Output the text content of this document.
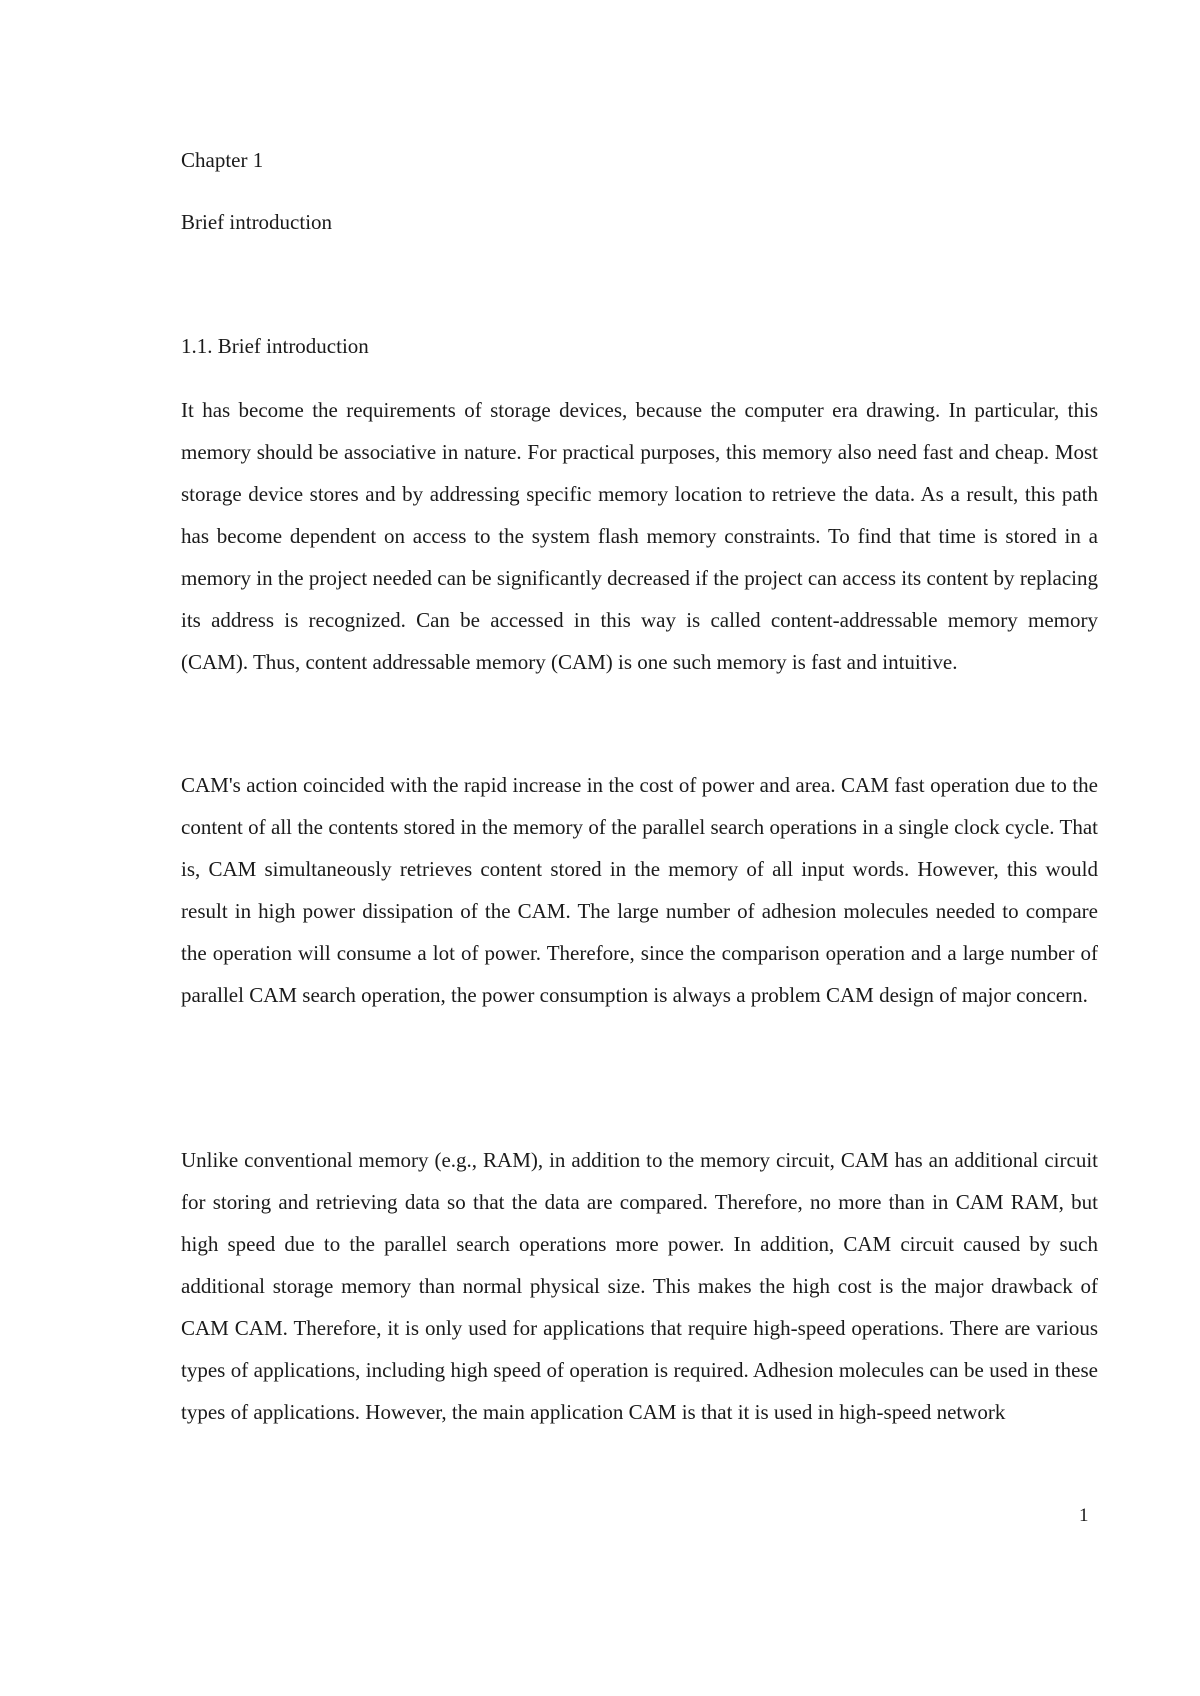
Chapter 1
Brief introduction
1.1. Brief introduction

It has become the requirements of storage devices, because the computer era drawing. In particular, this memory should be associative in nature. For practical purposes, this memory also need fast and cheap. Most storage device stores and by addressing specific memory location to retrieve the data. As a result, this path has become dependent on access to the system flash memory constraints. To find that time is stored in a memory in the project needed can be significantly decreased if the project can access its content by replacing its address is recognized. Can be accessed in this way is called content-addressable memory memory (CAM). Thus, content addressable memory (CAM) is one such memory is fast and intuitive.

CAM's action coincided with the rapid increase in the cost of power and area. CAM fast operation due to the content of all the contents stored in the memory of the parallel search operations in a single clock cycle. That is, CAM simultaneously retrieves content stored in the memory of all input words. However, this would result in high power dissipation of the CAM. The large number of adhesion molecules needed to compare the operation will consume a lot of power. Therefore, since the comparison operation and a large number of parallel CAM search operation, the power consumption is always a problem CAM design of major concern.

Unlike conventional memory (e.g., RAM), in addition to the memory circuit, CAM has an additional circuit for storing and retrieving data so that the data are compared. Therefore, no more than in CAM RAM, but high speed due to the parallel search operations more power. In addition, CAM circuit caused by such additional storage memory than normal physical size. This makes the high cost is the major drawback of CAM CAM. Therefore, it is only used for applications that require high-speed operations. There are various types of applications, including high speed of operation is required. Adhesion molecules can be used in these types of applications. However, the main application CAM is that it is used in high-speed network

1
